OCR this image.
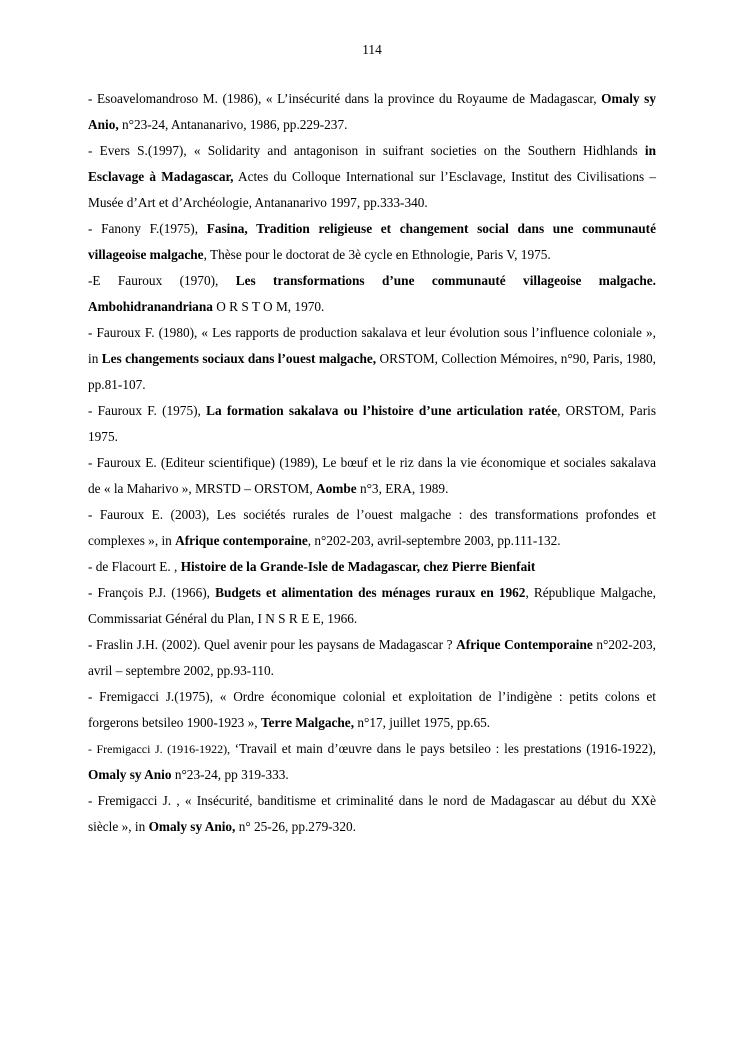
114

- Esoavelomandroso M. (1986), « L’insécurité dans la province du Royaume de Madagascar, Omaly sy Anio, n°23-24, Antananarivo, 1986, pp.229-237.

- Evers S.(1997), « Solidarity and antagonison in suifrant societies on the Southern Hidhlands in Esclavage à Madagascar, Actes du Colloque International sur l’Esclavage, Institut des Civilisations – Musée d’Art et d’Archéologie, Antananarivo 1997, pp.333-340.

- Fanony F.(1975), Fasina, Tradition religieuse et changement social dans une communauté villageoise malgache, Thèse pour le doctorat de 3è cycle en Ethnologie, Paris V, 1975.

-E Fauroux (1970), Les transformations d’une communauté villageoise malgache. Ambohidranandriana O R S T O M, 1970.

- Fauroux F. (1980), « Les rapports de production sakalava et leur évolution sous l’influence coloniale », in Les changements sociaux dans l’ouest malgache, ORSTOM, Collection Mémoires, n°90, Paris, 1980, pp.81-107.

- Fauroux F. (1975), La formation sakalava ou l’histoire d’une articulation ratée, ORSTOM, Paris 1975.

- Fauroux E. (Editeur scientifique) (1989), Le bœuf et le riz dans la vie économique et sociales sakalava de « la Maharivo », MRSTD – ORSTOM, Aombe n°3, ERA, 1989.

- Fauroux E. (2003), Les sociétés rurales de l’ouest malgache : des transformations profondes et complexes », in Afrique contemporaine, n°202-203, avril-septembre 2003, pp.111-132.

- de Flacourt E. , Histoire de la Grande-Isle de Madagascar, chez Pierre Bienfait

- François P.J. (1966), Budgets et alimentation des ménages ruraux en 1962, République Malgache, Commissariat Général du Plan, I N S R E E, 1966.

- Fraslin J.H. (2002). Quel avenir pour les paysans de Madagascar ? Afrique Contemporaine n°202-203, avril – septembre 2002, pp.93-110.

- Fremigacci J.(1975), « Ordre économique colonial et exploitation de l’indigène : petits colons et forgerons betsileo 1900-1923 », Terre Malgache, n°17, juillet 1975, pp.65.

- Fremigacci J. (1916-1922), ‘Travail et main d’œuvre dans le pays betsileo : les prestations (1916-1922), Omaly sy Anio n°23-24, pp 319-333.

- Fremigacci J. , « Insécurité, banditisme et criminalité dans le nord de Madagascar au début du XXè siècle », in Omaly sy Anio, n° 25-26, pp.279-320.
